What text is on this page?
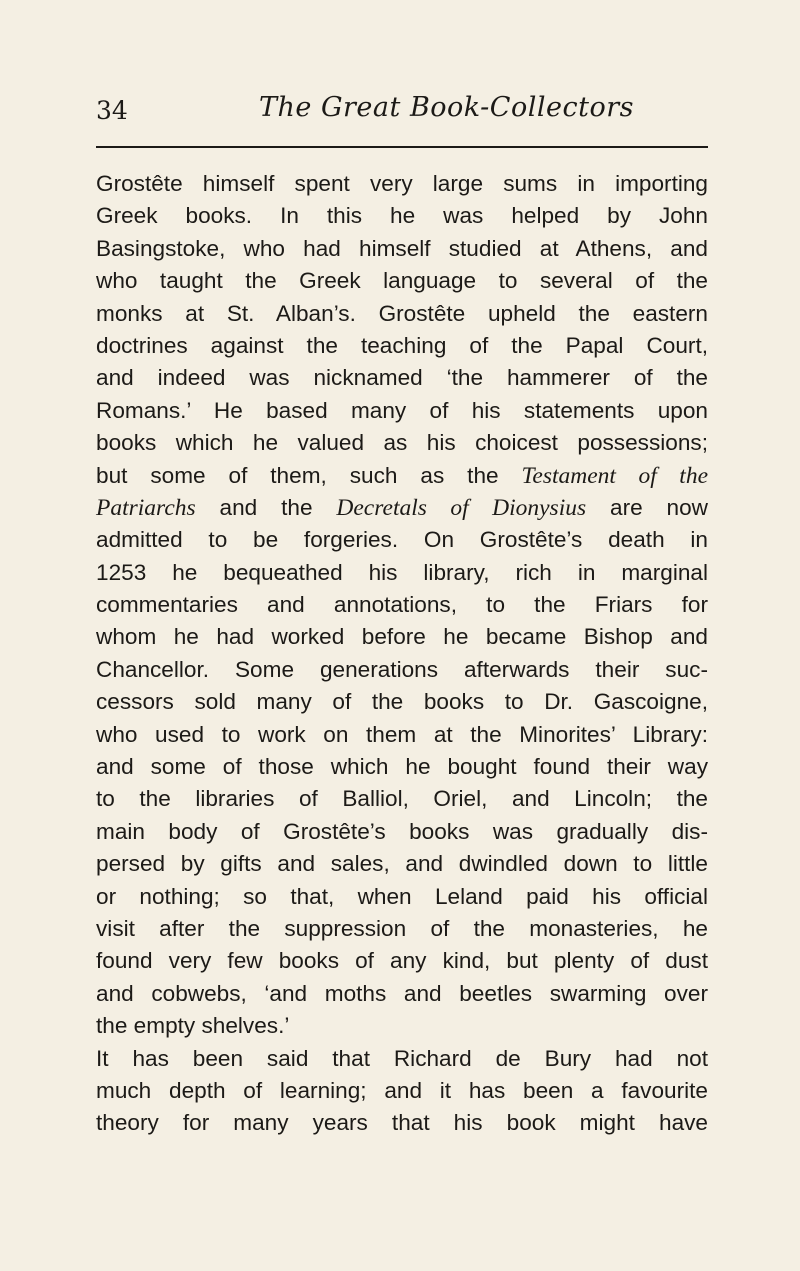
34	The Great Book-Collectors
Grostête himself spent very large sums in importing
Greek books. In this he was helped by John
Basingstoke, who had himself studied at Athens, and
who taught the Greek language to several of the
monks at St. Alban’s. Grostête upheld the eastern
doctrines against the teaching of the Papal Court,
and indeed was nicknamed ‘the hammerer of the
Romans.’ He based many of his statements upon
books which he valued as his choicest possessions;
but some of them, such as the Testament of the
Patriarchs and the Decretals of Dionysius are now
admitted to be forgeries. On Grostête’s death in
1253 he bequeathed his library, rich in marginal
commentaries and annotations, to the Friars for
whom he had worked before he became Bishop and
Chancellor. Some generations afterwards their suc-
cessors sold many of the books to Dr. Gascoigne,
who used to work on them at the Minorites’ Library:
and some of those which he bought found their way
to the libraries of Balliol, Oriel, and Lincoln; the
main body of Grostête’s books was gradually dis-
persed by gifts and sales, and dwindled down to little
or nothing; so that, when Leland paid his official
visit after the suppression of the monasteries, he
found very few books of any kind, but plenty of dust
and cobwebs, ‘and moths and beetles swarming over
the empty shelves.’
It has been said that Richard de Bury had not
much depth of learning; and it has been a favourite
theory for many years that his book might have
